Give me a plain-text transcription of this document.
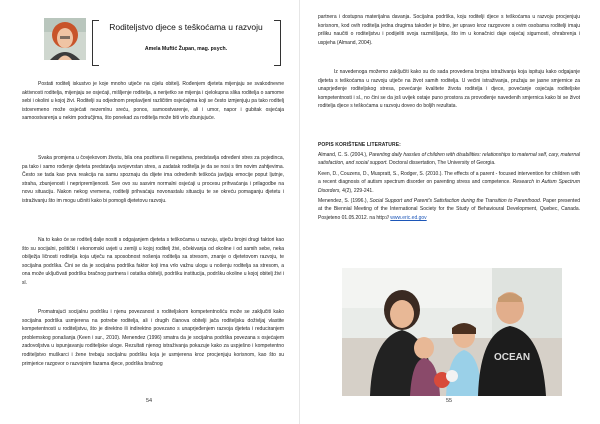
Roditeljstvo djece s teškoćama u razvoju
Amela Muftić Župan, mag. psych.

Postati roditelj iskustvo je koje mnoho utječe na cijelu obitelj. Rođenjem djeteta mijenjaju se svakodnevne aktivnosti roditelja, mijenjaju se osjećaji, mišljenje roditelja, a nerijetko se mijenja i cjelokupna slika roditelja o samome sebi i okolini u kojoj živi. Roditelji su odjednom preplavljeni različitim osjećajima koji se često izmjenjuju pa tako roditelj istovremeno može osjećati nezemlnu sreću, ponos, samoostvarenje, ali i umor, napor i gubitak osjećaja samoostvarenja u nekim područjima, što ponekad za roditelja može biti vrlo zbunjujuće.

Svaka promjena u čovjekovom životu, bila ona pozitivna ili negativna, predstavlja određeni stres za pojedinca, pa tako i samo rođenje djeteta predstavlja svojevrstan stres, a zadatak roditelja je da se nosi s tim novim zahtjevima. Često se tada kao prva reakcija na samu spoznaju da dijete ima određenih teškoća javljaju emocije poput ljutnje, straha, zbunjenosti i nepripremljenosti. Sve ovo su sasvim normalni osjećaji u procesu prihvaćanja i prilagodbe na novu situaciju. Nakon nekog vremena, roditelji prihvaćaju novonastalu situaciju te se okreću pomaganju djetetu i istraživanju što im mogu učiniti kako bi pomogli djetetovu razvoju.

Na to kako će se roditelj dalje nositi s odgajanjem djeteta s teškoćama u razvoju, utječu brojni drugi faktori kao što su socijalni, politički i ekonomski uvjeti u zemlji u kojoj roditelj živi, očekivanja od okoline i od samih sebe, neka obilježja ličnosti roditelja koja utječu na sposobnost nošenja roditelja sa stresom, znanje o djetetovom razvoju, te socijalna podrška. Čini se da je socijalna podrška faktor koji ima vrlo važnu ulogu u nošenju roditelja sa stresom, a ona može uključivati podršku bračnog partnera i ostatka obitelji, podršku institucija, podršku okoline u kojoj obitelj živi i sl.

Promatrajući socijalnu podršku i njenu povezanost s roditeljskom kompetentnošću može se zaključiti kako socijalna podrška usmjerena na potrebe roditelja, ali i drugih članova obitelji jača roditeljsku doživljaj vlastite kompetentnosti u roditeljstvu, što je direktno ili indirektno povezano s unaprjeđenjem razvoja djeteta i reduciranjem problemskog ponašanja (Keen i sur., 2010). Menendez (1996) smatra da je socijalna podrška povezana s osjećajem zadovoljstva u ispunjavanju roditeljske uloge. Rezultati njenog istraživanja pokazuje kako za uspješno i kompetentno roditeljstvo muškarci i žene trebaju socijalnu podršku koja je usmjerena kroz procjenjuju korisnom, kao što su primjerice razgovor o razvojnim fazama djece, podrška bračnog

54

partnera i dostupna materijalna davanja. Socijalna podrška, koju roditelji djece s teškoćama u razvoju procjenjuju korisnom, kod ovih roditelja jedna drugima također je bitno, jer upravo kroz razgovore s ovim osobama roditelji imaju priliku naučiti o roditeljstvu i podijeliti svoja razmišljanja, što im u konačnici daje osjećaj sigurnosti, ohrabrenja i uspjeha (Almand, 2004).

Iz navedenoga možemo zaključiti kako su do sada provedena brojna istraživanja koja ispituju kako odgajanje djeteta s teškoćama u razvoju utječe na život samih roditelja. U većini istraživanja, pružaju se jasne smjernice za unaprjeđenje roditeljskog stresa, povećanje kvalitete života roditelja i djece, povećanje osjećaja roditeljske kompetentnosti i sl., no čini se da još uvijek ostaje puno prostora za provođenje navedenih smjernica kako bi se život roditelja djece s teškoćama u razvoju doveo do boljih rezultata.

POPIS KORIŠTENE LITERATURE:
Almand, C. S. (2004.), Parenting daily hassles of children with disabilities: relationships to maternal self, cary, maternal satisfaction, and social support. Doctoral dissertation, The University of Georgia.
Keen, D., Couzens, D., Muspratt, S., Rodger, S. (2010.). The effects of a parent - focused intervention for children with a recent diagnosis of autism spectrum disorder on parenting stress and competence. Research in Autism Spectrum Disorders, 4(2), 229-241.
Menendez, S. (1996.), Social Support and Parent's Satisfaction during the Transition to Parenthood. Paper presented at the Biennial Meeting of the International Society for the Study of Behavioural Development, Quebec, Canada. Posjeteno 01.05.2012. na http:// www.eric.ed.gov
OCEAN
55
